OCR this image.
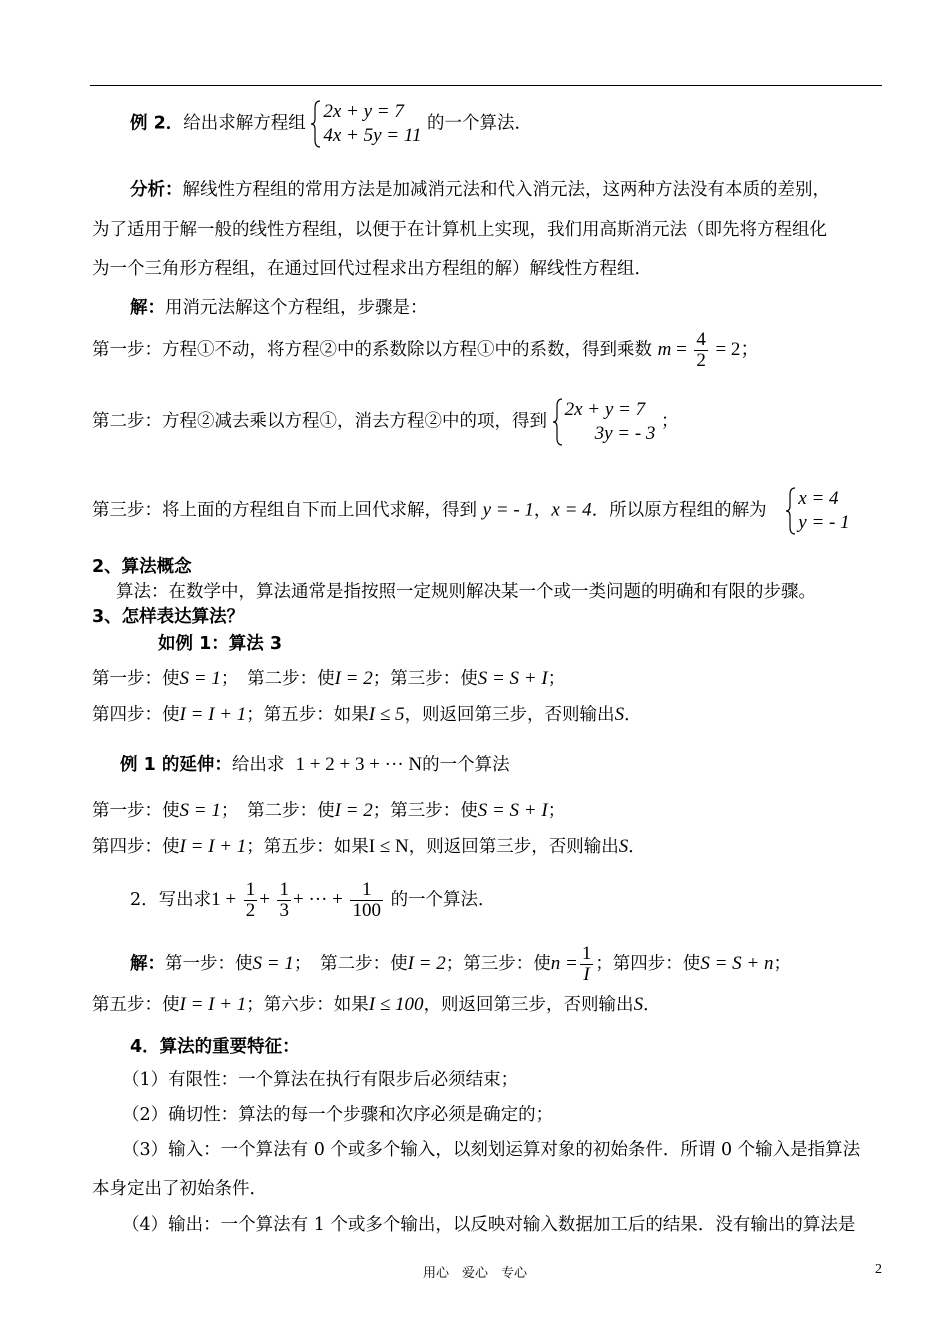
例 2．给出求解方程组
2x + y = 7
4x + 5y = 11
的一个算法．
分析：解线性方程组的常用方法是加减消元法和代入消元法，这两种方法没有本质的差别，
为了适用于解一般的线性方程组，以便于在计算机上实现，我们用高斯消元法（即先将方程组化
为一个三角形方程组，在通过回代过程求出方程组的解）解线性方程组．
解：用消元法解这个方程组，步骤是：
第一步：方程①不动，将方程②中的系数除以方程①中的系数，得到乘数 $m = \frac{4}{2} = 2$；
第二步：方程②减去乘以方程①，消去方程②中的项，得到
2x + y = 7
3y = - 3
；
第三步：将上面的方程组自下而上回代求解，得到 y = - 1，x = 4．所以原方程组的解为
x = 4
y = - 1
2、算法概念
算法：在数学中，算法通常是指按照一定规则解决某一个或一类问题的明确和有限的步骤。
3、怎样表达算法？
如例 1：算法 3
第一步：使S = 1；　第二步：使I = 2；第三步：使S = S + I；
第四步：使I = I + 1；第五步：如果I ≤ 5，则返回第三步，否则输出S．
例 1 的延伸：给出求 1 + 2 + 3 + ··· N的一个算法
第一步：使S = 1；　第二步：使I = 2；第三步：使S = S + I；
第四步：使I = I + 1；第五步：如果I ≤ N，则返回第三步，否则输出S．
2．写出求$1 + \frac{1}{2} + \frac{1}{3}$ + ··· + $\frac{1}{100}$ 的一个算法．
解：第一步：使S = 1；　第二步：使I = 2；第三步：使$n = \frac{1}{I}$ ；第四步：使S = S + n；
第五步：使I = I + 1；第六步：如果I ≤ 100，则返回第三步，否则输出S．
4．算法的重要特征：
（1）有限性：一个算法在执行有限步后必须结束；
（2）确切性：算法的每一个步骤和次序必须是确定的；
（3）输入：一个算法有 0 个或多个输入，以刻划运算对象的初始条件．所谓 0 个输入是指算法
本身定出了初始条件．
（4）输出：一个算法有 1 个或多个输出，以反映对输入数据加工后的结果．没有输出的算法是
用心　爱心　专心	2
